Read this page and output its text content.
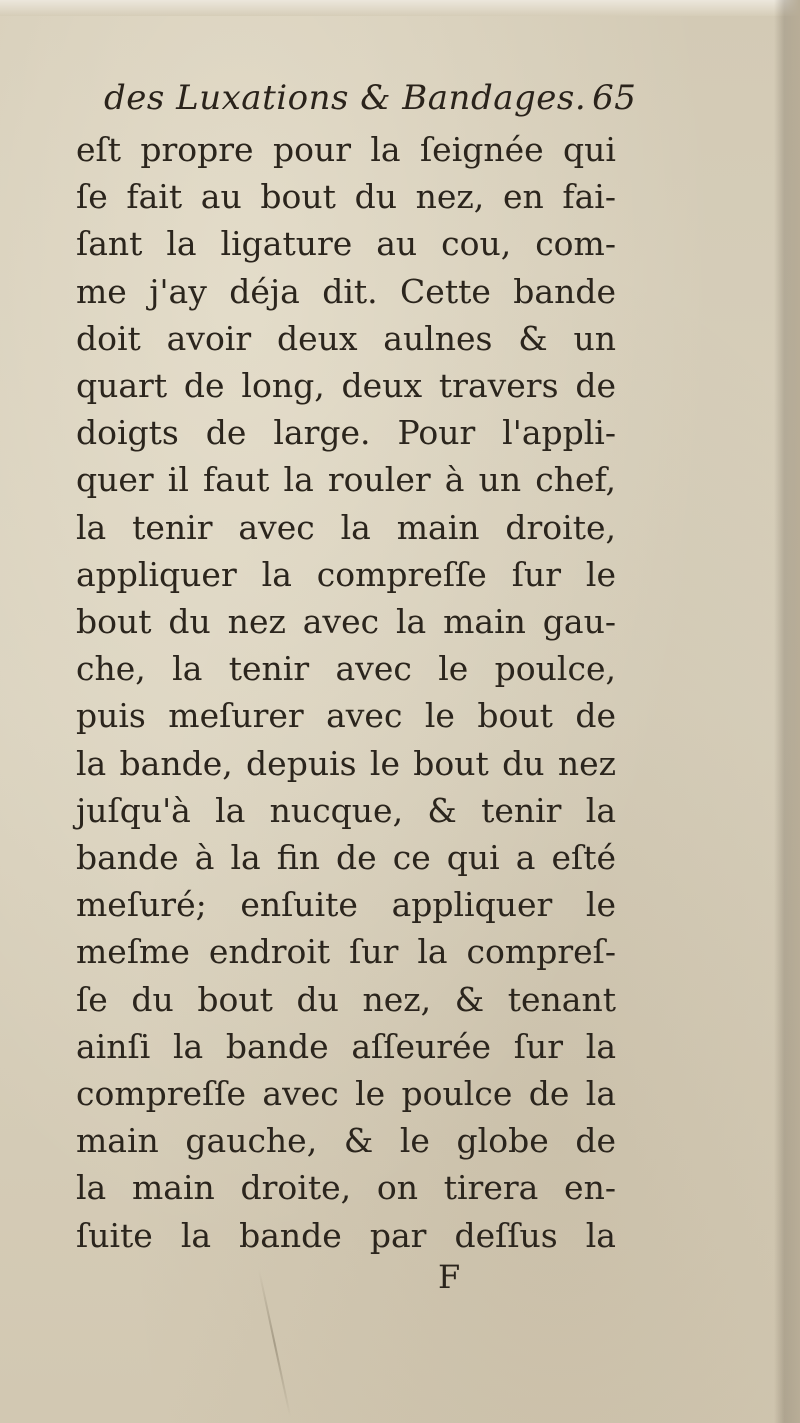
des Luxations & Bandages. 65
eſt propre pour la ſeignée qui
ſe fait au bout du nez, en fai-
ſant la ligature au cou, com-
me j'ay déja dit. Cette bande
doit avoir deux aulnes & un
quart de long, deux travers de
doigts de large. Pour l'appli-
quer il faut la rouler à un chef,
la tenir avec la main droite,
appliquer la compreſſe ſur le
bout du nez avec la main gau-
che, la tenir avec le poulce,
puis meſurer avec le bout de
la bande, depuis le bout du nez
juſqu'à la nucque, & tenir la
bande à la fin de ce qui a eſté
meſuré; enſuite appliquer le
meſme endroit ſur la compreſ-
ſe du bout du nez, & tenant
ainſi la bande aſſeurée ſur la
compreſſe avec le poulce de la
main gauche, & le globe de
la main droite, on tirera en-
ſuite la bande par deſſus la
F
